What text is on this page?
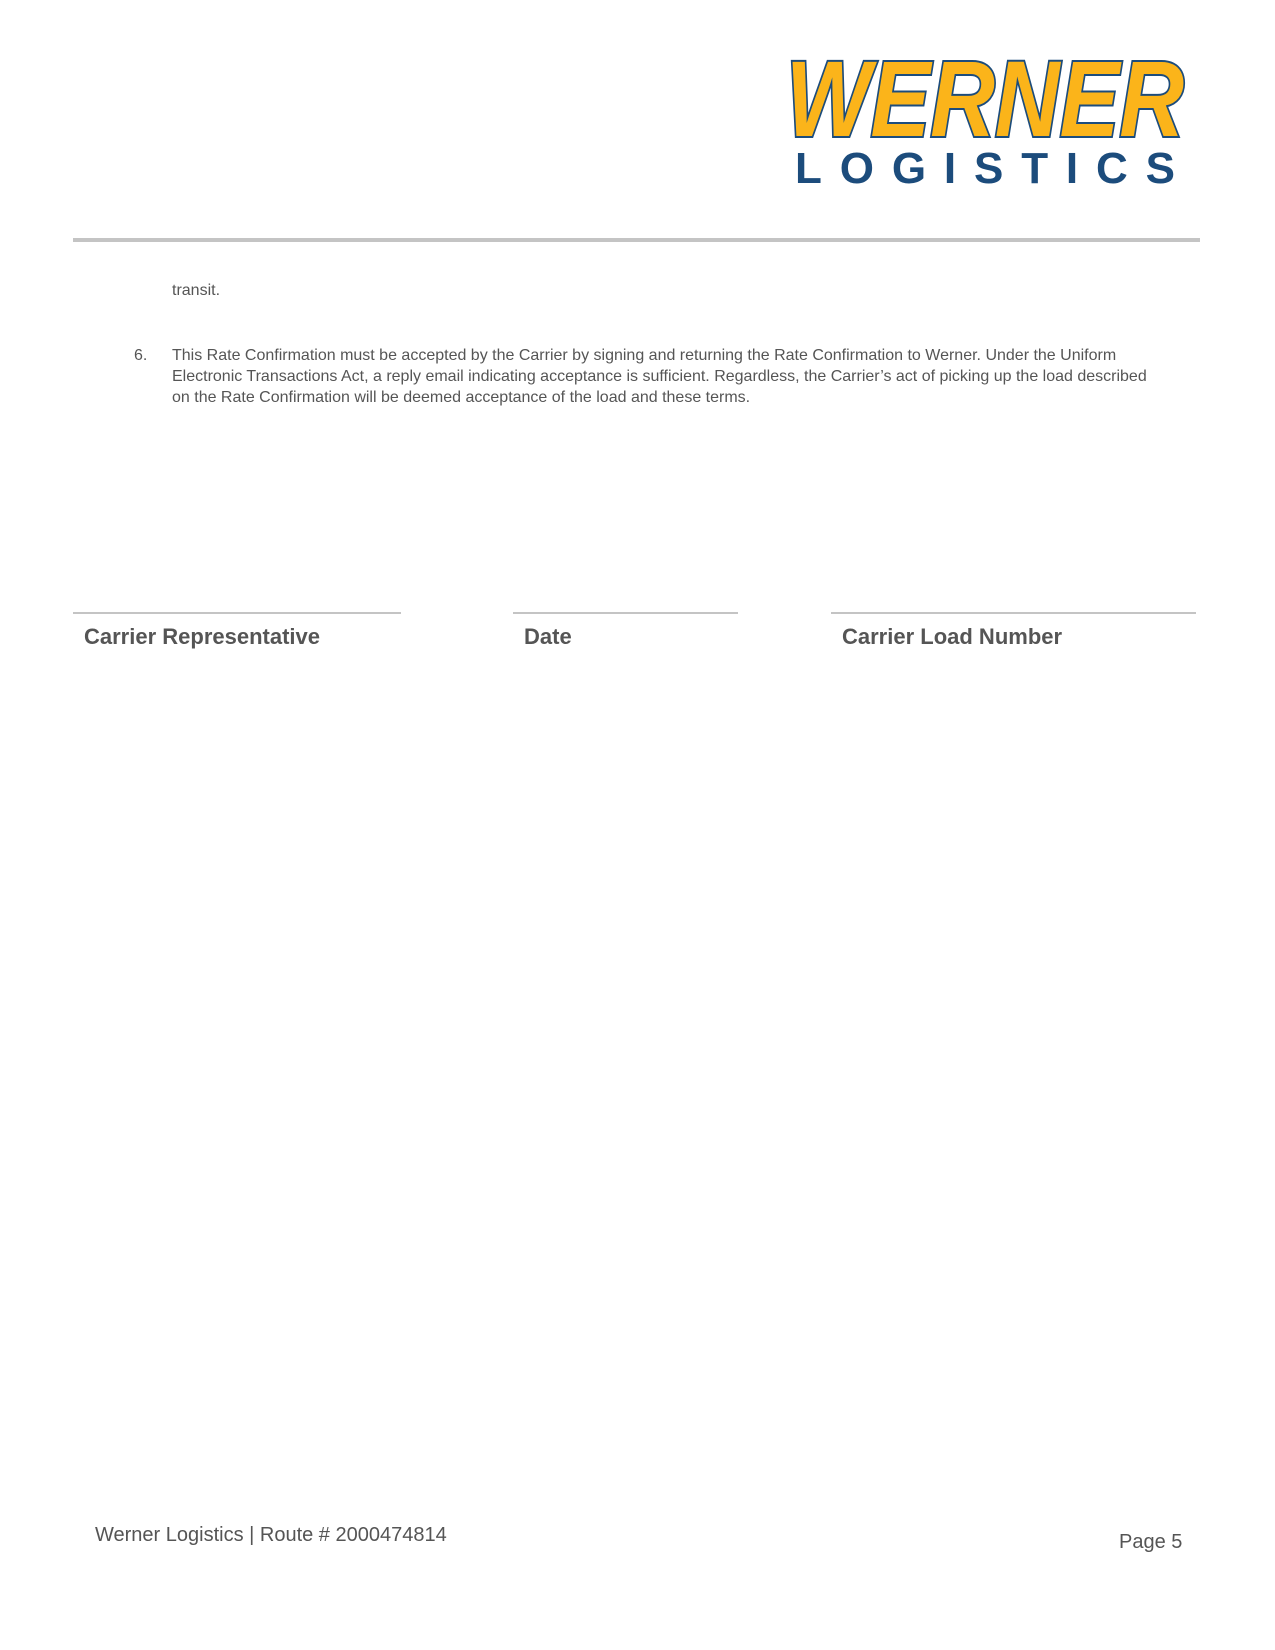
WERNER
LOGISTICS
transit.
6.	This Rate Confirmation must be accepted by the Carrier by signing and returning the Rate Confirmation to Werner. Under the Uniform Electronic Transactions Act, a reply email indicating acceptance is sufficient. Regardless, the Carrier’s act of picking up the load described on the Rate Confirmation will be deemed acceptance of the load and these terms.
Carrier Representative	Date	Carrier Load Number
Werner Logistics | Route # 2000474814	Page 5
